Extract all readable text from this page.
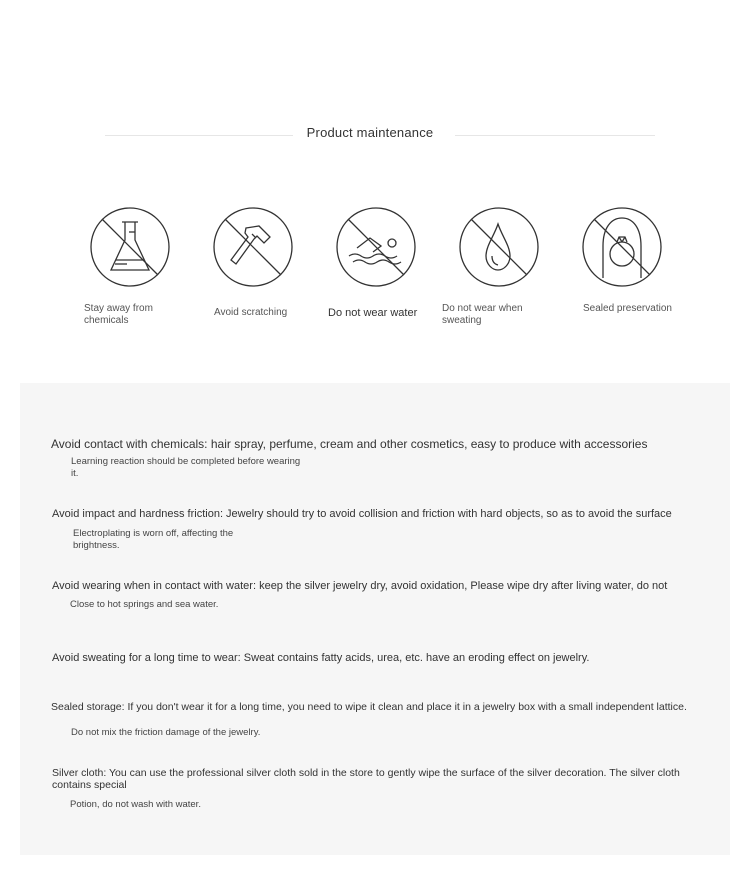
Product maintenance
Stay away from chemicals
Avoid scratching	Do not wear water	Do not wear when sweating
Sealed preservation
Avoid contact with chemicals: hair spray, perfume, cream and other cosmetics, easy to produce with accessories
Learning reaction should be completed before wearing it.
Avoid impact and hardness friction: Jewelry should try to avoid collision and friction with hard objects, so as to avoid the surface
Electroplating is worn off, affecting the brightness.
Avoid wearing when in contact with water: keep the silver jewelry dry, avoid oxidation, Please wipe dry after living water, do not
Close to hot springs and sea water.
Avoid sweating for a long time to wear: Sweat contains fatty acids, urea, etc. have an eroding effect on jewelry.
Sealed storage: If you don't wear it for a long time, you need to wipe it clean and place it in a jewelry box with a small independent lattice.
Do not mix the friction damage of the jewelry.
Silver cloth: You can use the professional silver cloth sold in the store to gently wipe the surface of the silver decoration. The silver cloth contains special
Potion, do not wash with water.
